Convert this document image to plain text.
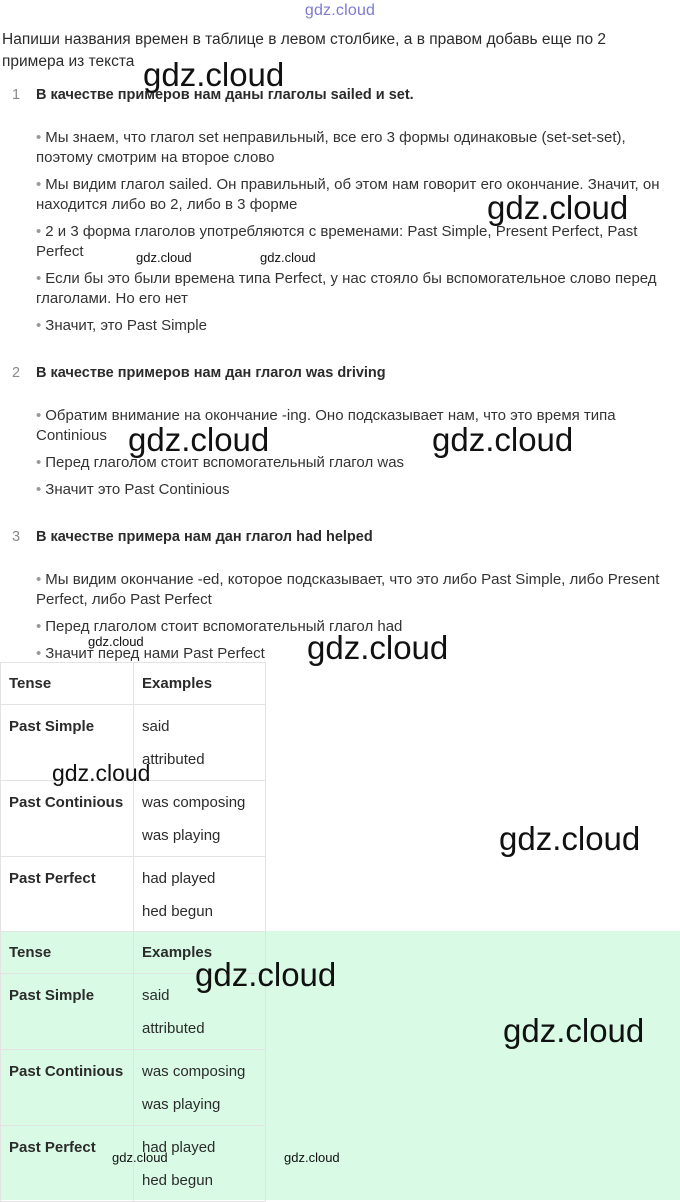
gdz.cloud
Напиши названия времен в таблице в левом столбике, а в правом добавь еще по 2 примера из текста
1 В качестве примеров нам даны глаголы sailed и set.
• Мы знаем, что глагол set неправильный, все его 3 формы одинаковые (set-set-set), поэтому смотрим на второе слово
• Мы видим глагол sailed. Он правильный, об этом нам говорит его окончание. Значит, он находится либо во 2, либо в 3 форме
• 2 и 3 форма глаголов употребляются с временами: Past Simple, Present Perfect, Past Perfect
• Если бы это были времена типа Perfect, у нас стояло бы вспомогательное слово перед глаголами. Но его нет
• Значит, это Past Simple
2 В качестве примеров нам дан глагол was driving
• Обратим внимание на окончание -ing. Оно подсказывает нам, что это время типа Continious
• Перед глаголом стоит вспомогательный глагол was
• Значит это Past Continious
3 В качестве примера нам дан глагол had helped
• Мы видим окончание -ed, которое подсказывает, что это либо Past Simple, либо Present Perfect, либо Past Perfect
• Перед глаголом стоит вспомогательный глагол had
• Значит перед нами Past Perfect
Tense	Examples

Past Simple	said
attributed

Past Continious	was composing
was playing

Past Perfect	had played
hed begun
Tense	Examples

Past Simple	said
attributed

Past Continious	was composing
was playing

Past Perfect	had played
hed begun
gdz.cloud
gdz.cloud
gdz.cloud	gdz.cloud
gdz.cloud	gdz.cloud
gdz.cloud	gdz.cloud
gdz.cloud
gdz.cloud
gdz.cloud
gdz.cloud
gdz.cloud	gdz.cloud
